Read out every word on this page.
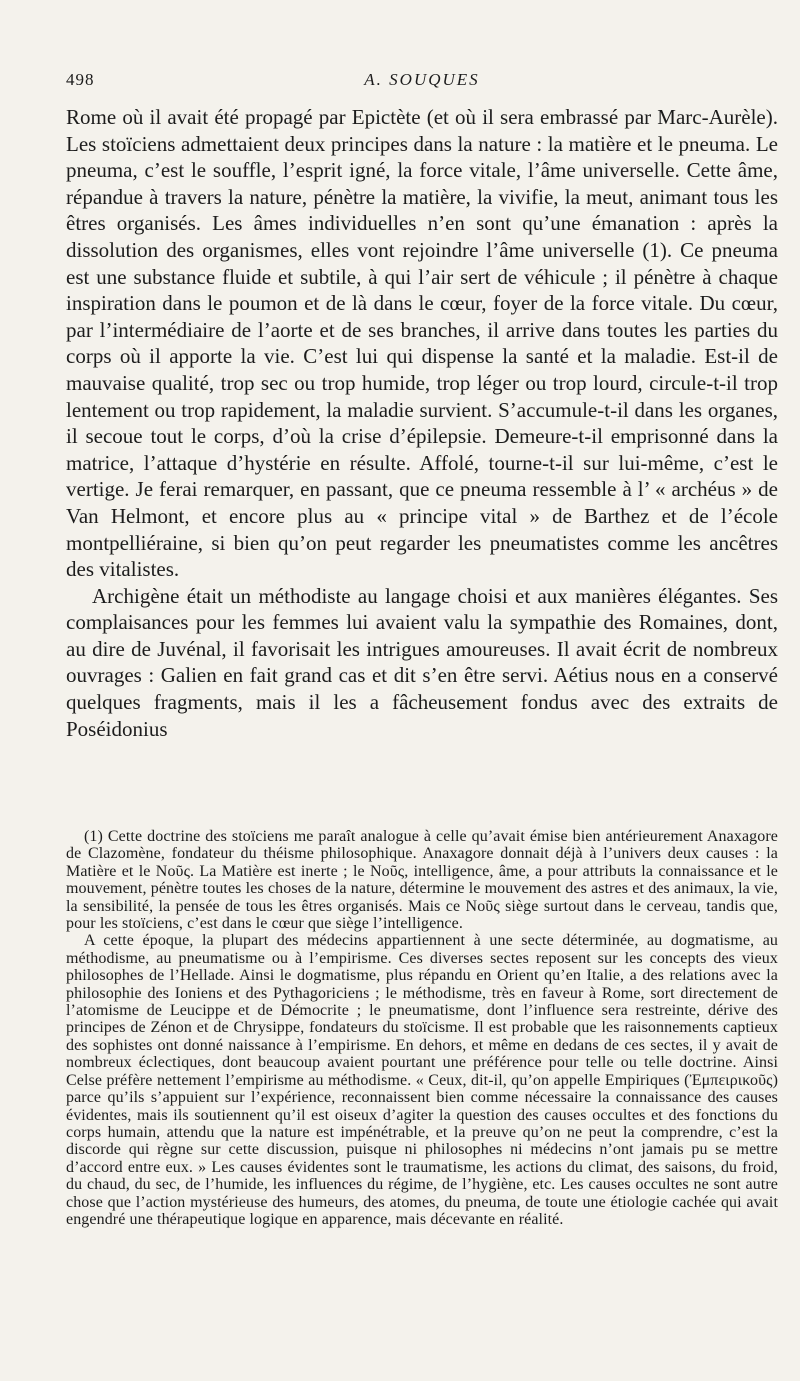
498	A. SOUQUES

Rome où il avait été propagé par Epictète (et où il sera embrassé par Marc-Aurèle). Les stoïciens admettaient deux principes dans la nature : la matière et le pneuma. Le pneuma, c’est le souffle, l’esprit igné, la force vitale, l’âme universelle. Cette âme, répandue à travers la nature, pénètre la matière, la vivifie, la meut, animant tous les êtres organisés. Les âmes individuelles n’en sont qu’une émanation : après la dissolution des organismes, elles vont rejoindre l’âme universelle (1). Ce pneuma est une substance fluide et subtile, à qui l’air sert de véhicule ; il pénètre à chaque inspiration dans le poumon et de là dans le cœur, foyer de la force vitale. Du cœur, par l’intermédiaire de l’aorte et de ses branches, il arrive dans toutes les parties du corps où il apporte la vie. C’est lui qui dispense la santé et la maladie. Est-il de mauvaise qualité, trop sec ou trop humide, trop léger ou trop lourd, circule-t-il trop lentement ou trop rapidement, la maladie survient. S’accumule-t-il dans les organes, il secoue tout le corps, d’où la crise d’épilepsie. Demeure-t-il emprisonné dans la matrice, l’attaque d’hystérie en résulte. Affolé, tourne-t-il sur lui-même, c’est le vertige. Je ferai remarquer, en passant, que ce pneuma ressemble à l’ « archéus » de Van Helmont, et encore plus au « principe vital » de Barthez et de l’école montpelliéraine, si bien qu’on peut regarder les pneumatistes comme les ancêtres des vitalistes.

Archigène était un méthodiste au langage choisi et aux manières élégantes. Ses complaisances pour les femmes lui avaient valu la sympathie des Romaines, dont, au dire de Juvénal, il favorisait les intrigues amoureuses. Il avait écrit de nombreux ouvrages : Galien en fait grand cas et dit s’en être servi. Aétius nous en a conservé quelques fragments, mais il les a fâcheusement fondus avec des extraits de Poséidonius

(1) Cette doctrine des stoïciens me paraît analogue à celle qu’avait émise bien antérieurement Anaxagore de Clazomène, fondateur du théisme philosophique. Anaxagore donnait déjà à l’univers deux causes : la Matière et le Νοῦς. La Matière est inerte ; le Νοῦς, intelligence, âme, a pour attributs la connaissance et le mouvement, pénètre toutes les choses de la nature, détermine le mouvement des astres et des animaux, la vie, la sensibilité, la pensée de tous les êtres organisés. Mais ce Νοῦς siège surtout dans le cerveau, tandis que, pour les stoïciens, c’est dans le cœur que siège l’intelligence.

A cette époque, la plupart des médecins appartiennent à une secte déterminée, au dogmatisme, au méthodisme, au pneumatisme ou à l’empirisme. Ces diverses sectes reposent sur les concepts des vieux philosophes de l’Hellade. Ainsi le dogmatisme, plus répandu en Orient qu’en Italie, a des relations avec la philosophie des Ioniens et des Pythagoriciens ; le méthodisme, très en faveur à Rome, sort directement de l’atomisme de Leucippe et de Démocrite ; le pneumatisme, dont l’influence sera restreinte, dérive des principes de Zénon et de Chrysippe, fondateurs du stoïcisme. Il est probable que les raisonnements captieux des sophistes ont donné naissance à l’empirisme. En dehors, et même en dedans de ces sectes, il y avait de nombreux éclectiques, dont beaucoup avaient pourtant une préférence pour telle ou telle doctrine. Ainsi Celse préfère nettement l’empirisme au méthodisme. « Ceux, dit-il, qu’on appelle Empiriques (Ἐμπειρικοῦς) parce qu’ils s’appuient sur l’expérience, reconnaissent bien comme nécessaire la connaissance des causes évidentes, mais ils soutiennent qu’il est oiseux d’agiter la question des causes occultes et des fonctions du corps humain, attendu que la nature est impénétrable, et la preuve qu’on ne peut la comprendre, c’est la discorde qui règne sur cette discussion, puisque ni philosophes ni médecins n’ont jamais pu se mettre d’accord entre eux. » Les causes évidentes sont le traumatisme, les actions du climat, des saisons, du froid, du chaud, du sec, de l’humide, les influences du régime, de l’hygiène, etc. Les causes occultes ne sont autre chose que l’action mystérieuse des humeurs, des atomes, du pneuma, de toute une étiologie cachée qui avait engendré une thérapeutique logique en apparence, mais décevante en réalité.
